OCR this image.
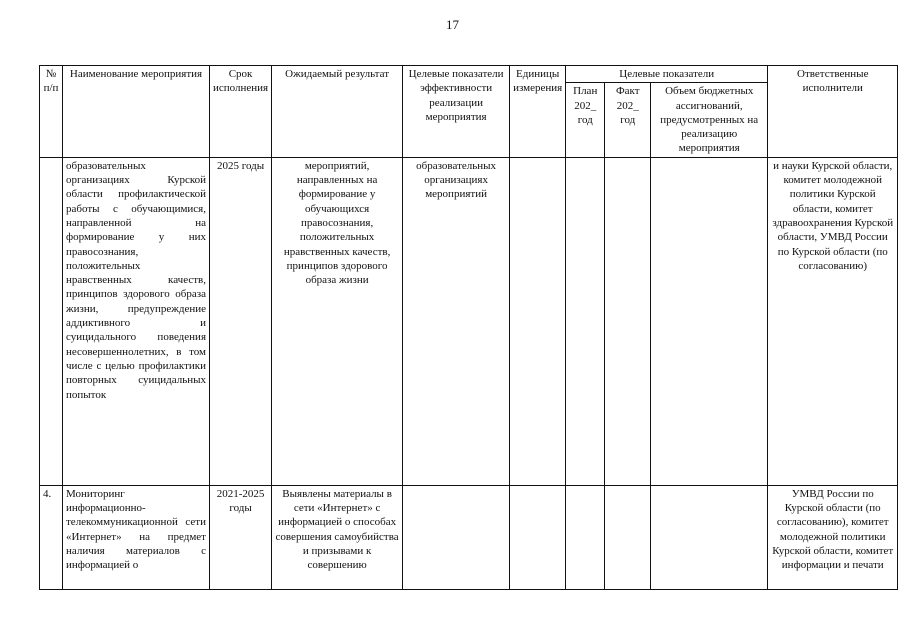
17
№ п/п	Наименование мероприятия	Срок исполнения	Ожидаемый результат	Целевые показатели эффективности реализации мероприятия	Единицы измерения	Целевые показатели			Ответственные исполнители
						План 202_ год	Факт 202_ год	Объем бюджетных ассигнований, предусмотренных на реализацию мероприятия	
	образовательных организациях Курской области профилактической работы с обучающимися, направленной на формирование у них правосознания, положительных нравственных качеств, принципов здорового образа жизни, предупреждение аддиктивного и суицидального поведения несовершеннолетних, в том числе с целью профилактики повторных суицидальных попыток	2025 годы	мероприятий, направленных на формирование у обучающихся правосознания, положительных нравственных качеств, принципов здорового образа жизни	образовательных организациях мероприятий					и науки Курской области, комитет молодежной политики Курской области, комитет здравоохранения Курской области, УМВД России по Курской области (по согласованию)
4.	Мониторинг информационно-телекоммуникационной сети «Интернет» на предмет наличия материалов с информацией о	2021-2025 годы	Выявлены материалы в сети «Интернет» с информацией о способах совершения самоубийства и призывами к совершению						УМВД России по Курской области (по согласованию), комитет молодежной политики Курской области, комитет информации и печати
